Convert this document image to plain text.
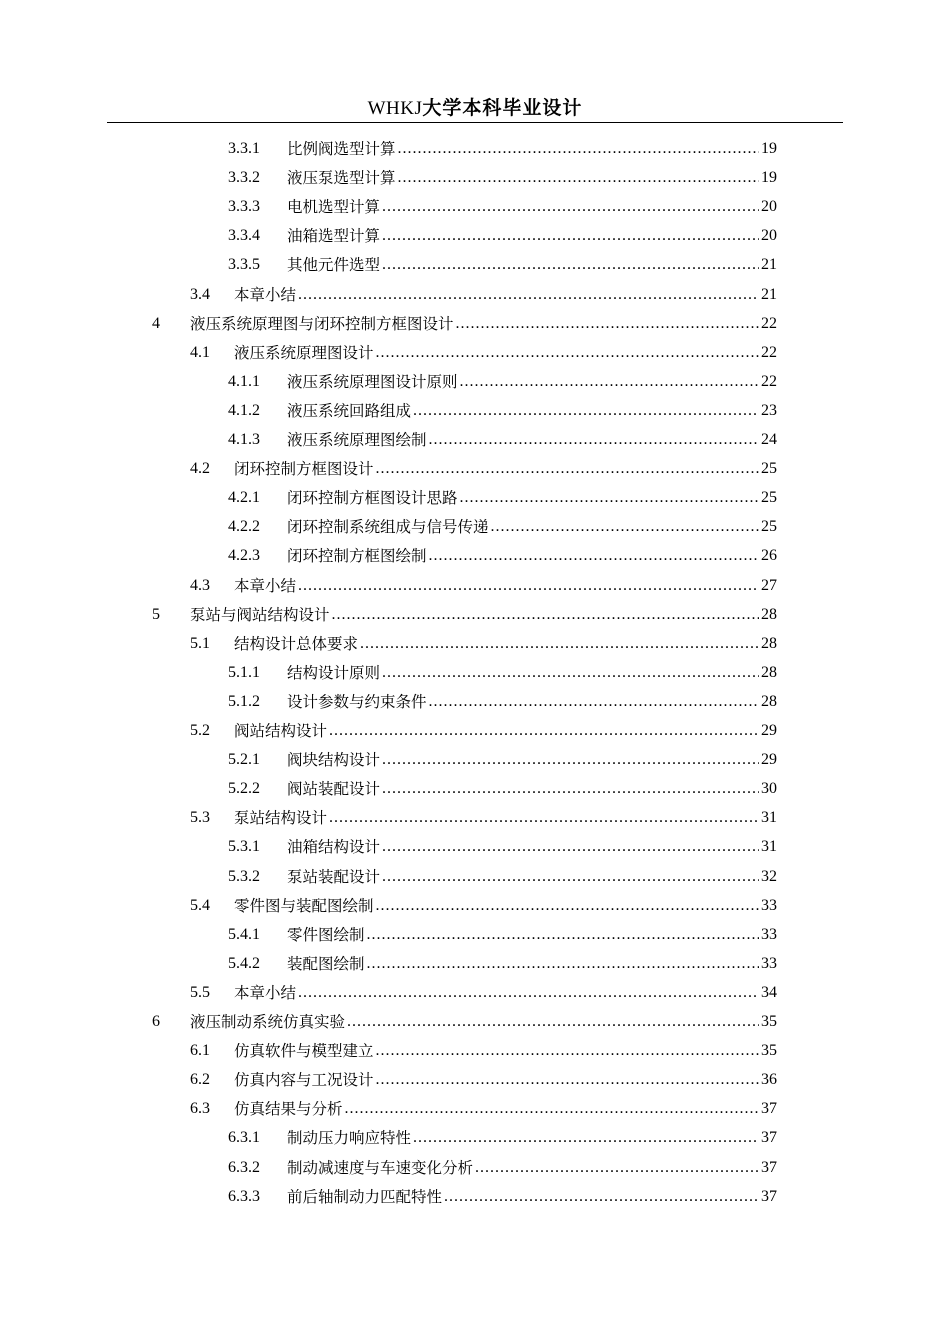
WHKJ大学本科毕业设计
3.3.1	比例阀选型计算 .....	19
3.3.2	液压泵选型计算 .....	19
3.3.3	电机选型计算 .....	20
3.3.4	油箱选型计算 .....	20
3.3.5	其他元件选型 .....	21
3.4	本章小结 .....	21
4	液压系统原理图与闭环控制方框图设计 .....	22
4.1	液压系统原理图设计 .....	22
4.1.1	液压系统原理图设计原则 .....	22
4.1.2	液压系统回路组成 .....	23
4.1.3	液压系统原理图绘制 .....	24
4.2	闭环控制方框图设计 .....	25
4.2.1	闭环控制方框图设计思路 .....	25
4.2.2	闭环控制系统组成与信号传递 .....	25
4.2.3	闭环控制方框图绘制 .....	26
4.3	本章小结 .....	27
5	泵站与阀站结构设计 .....	28
5.1	结构设计总体要求 .....	28
5.1.1	结构设计原则 .....	28
5.1.2	设计参数与约束条件 .....	28
5.2	阀站结构设计 .....	29
5.2.1	阀块结构设计 .....	29
5.2.2	阀站装配设计 .....	30
5.3	泵站结构设计 .....	31
5.3.1	油箱结构设计 .....	31
5.3.2	泵站装配设计 .....	32
5.4	零件图与装配图绘制 .....	33
5.4.1	零件图绘制 .....	33
5.4.2	装配图绘制 .....	33
5.5	本章小结 .....	34
6	液压制动系统仿真实验 .....	35
6.1	仿真软件与模型建立 .....	35
6.2	仿真内容与工况设计 .....	36
6.3	仿真结果与分析 .....	37
6.3.1	制动压力响应特性 .....	37
6.3.2	制动减速度与车速变化分析 .....	37
6.3.3	前后轴制动力匹配特性 .....	37
